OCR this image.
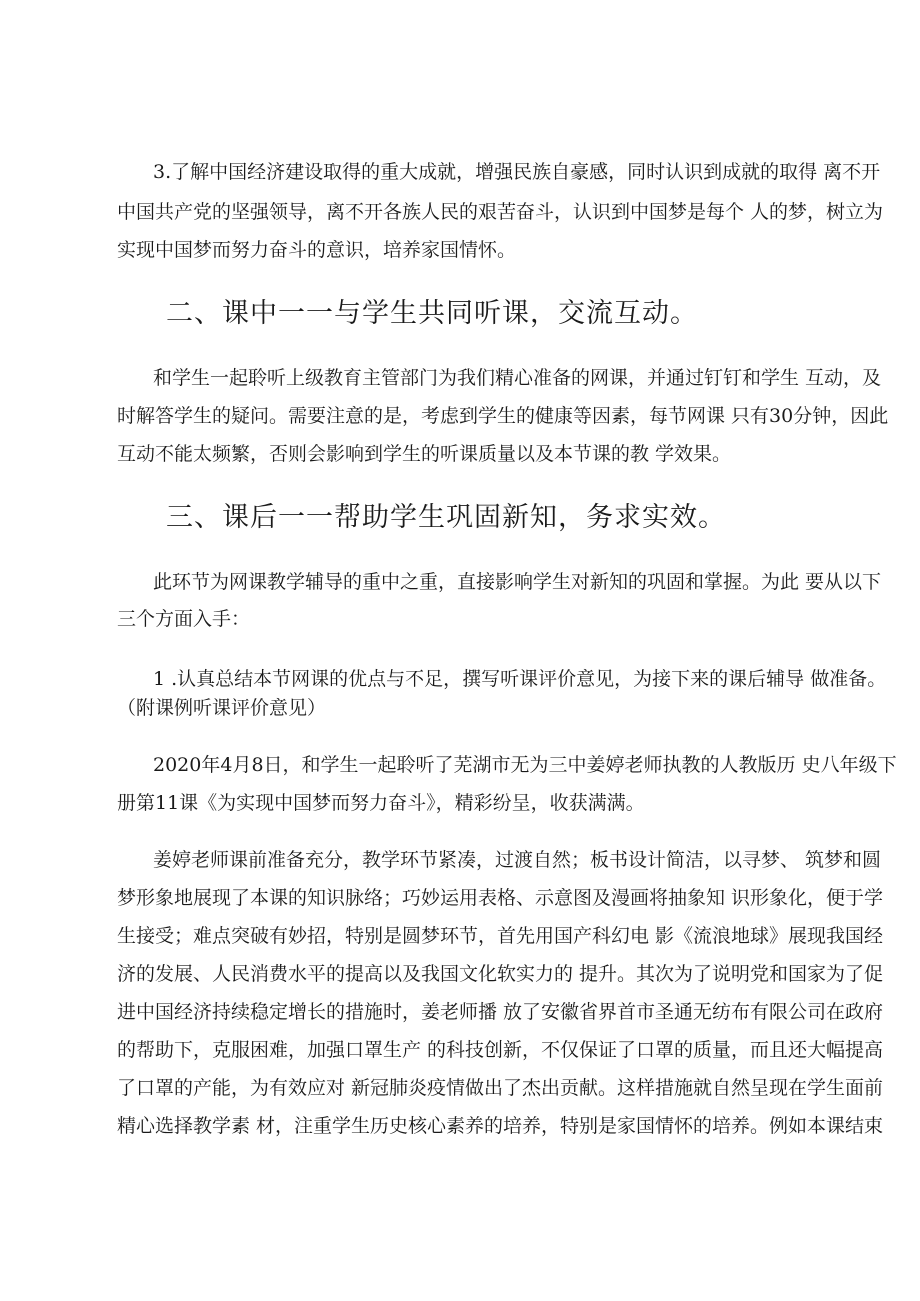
3.了解中国经济建设取得的重大成就，增强民族自豪感，同时认识到成就的取得 离不开
中国共产党的坚强领导，离不开各族人民的艰苦奋斗，认识到中国梦是每个 人的梦，树立为
实现中国梦而努力奋斗的意识，培养家国情怀。
二、课中一一与学生共同听课，交流互动。
和学生一起聆听上级教育主管部门为我们精心准备的网课，并通过钉钉和学生 互动，及
时解答学生的疑问。需要注意的是，考虑到学生的健康等因素，每节网课 只有30分钟，因此
互动不能太频繁，否则会影响到学生的听课质量以及本节课的教 学效果。
三、课后一一帮助学生巩固新知，务求实效。
此环节为网课教学辅导的重中之重，直接影响学生对新知的巩固和掌握。为此 要从以下
三个方面入手：
1 .认真总结本节网课的优点与不足，撰写听课评价意见，为接下来的课后辅导 做准备。
（附课例听课评价意见）
2020年4月8日，和学生一起聆听了芜湖市无为三中姜婷老师执教的人教版历 史八年级下
册第11课《为实现中国梦而努力奋斗》，精彩纷呈，收获满满。
姜婷老师课前准备充分，教学环节紧凑，过渡自然；板书设计简洁，以寻梦、 筑梦和圆
梦形象地展现了本课的知识脉络；巧妙运用表格、示意图及漫画将抽象知 识形象化，便于学
生接受；难点突破有妙招，特别是圆梦环节，首先用国产科幻电 影《流浪地球》展现我国经
济的发展、人民消费水平的提高以及我国文化软实力的 提升。其次为了说明党和国家为了促
进中国经济持续稳定增长的措施时，姜老师播 放了安徽省界首市圣通无纺布有限公司在政府
的帮助下，克服困难，加强口罩生产 的科技创新，不仅保证了口罩的质量，而且还大幅提高
了口罩的产能，为有效应对 新冠肺炎疫情做出了杰出贡献。这样措施就自然呈现在学生面前
精心选择教学素 材，注重学生历史核心素养的培养，特别是家国情怀的培养。例如本课结束
